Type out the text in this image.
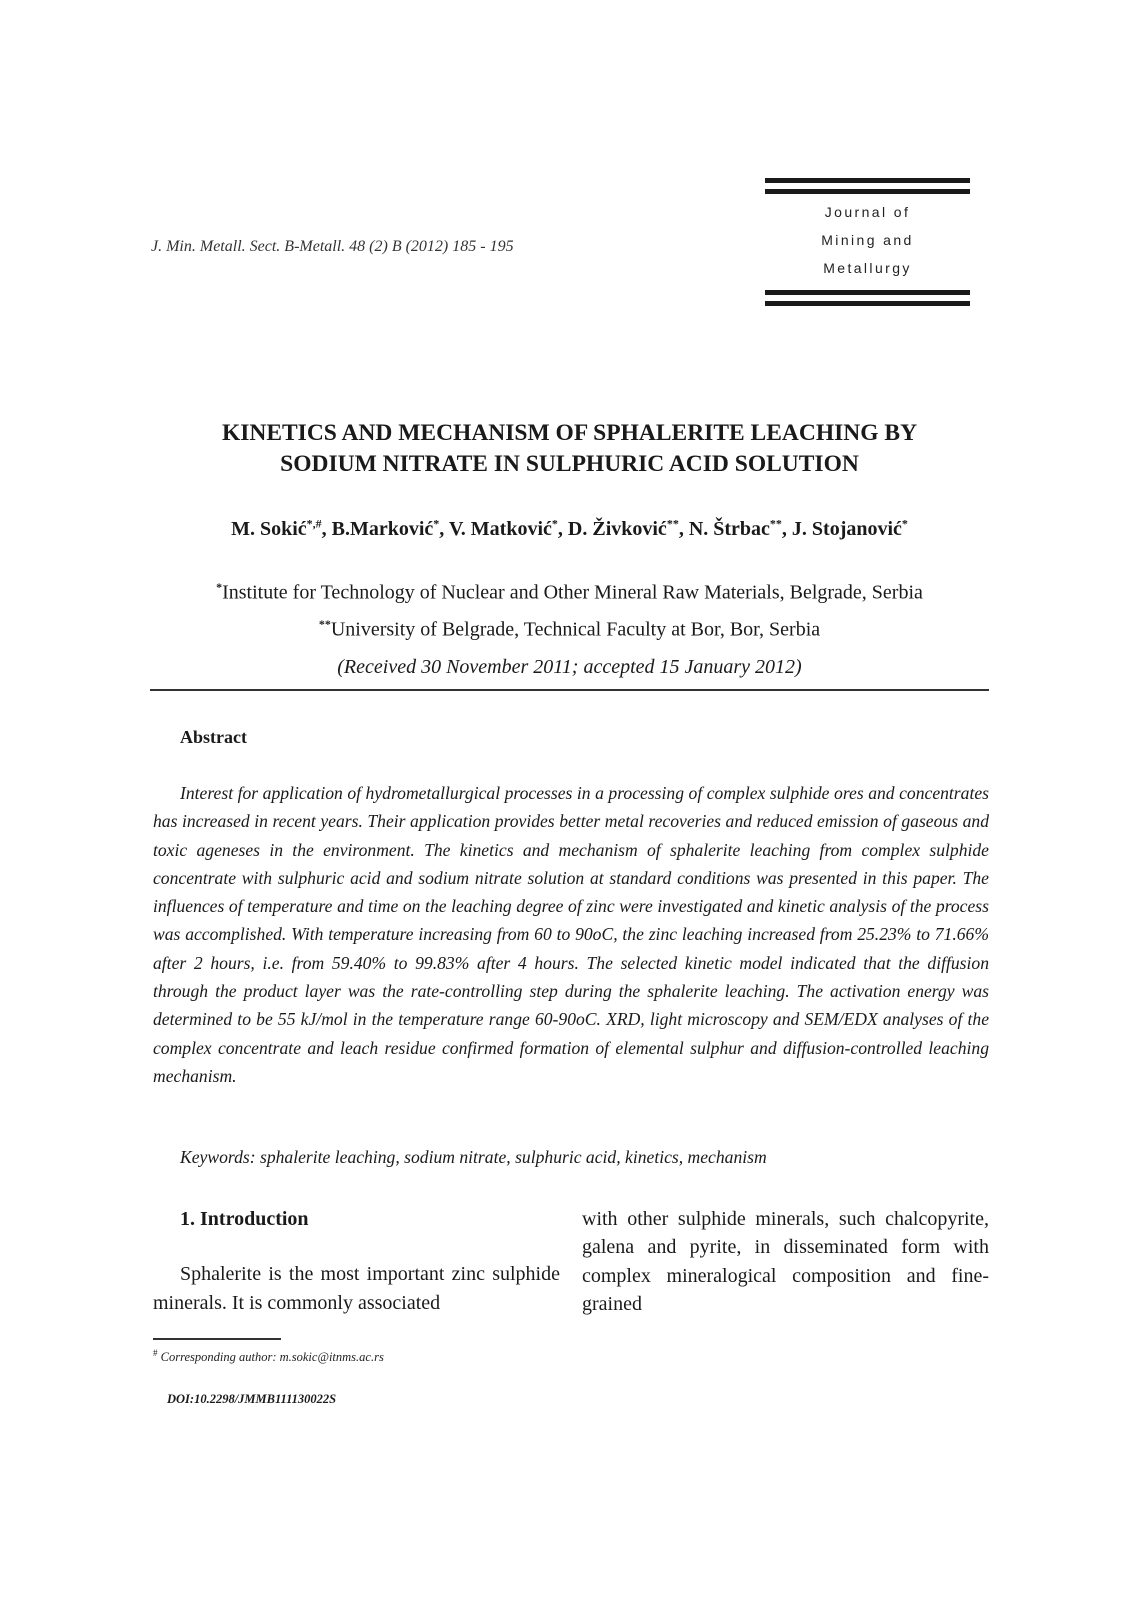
J. Min. Metall. Sect. B-Metall. 48 (2) B (2012) 185 - 195
Journal of
Mining and
Metallurgy
KINETICS AND MECHANISM OF SPHALERITE LEACHING BY
SODIUM NITRATE IN SULPHURIC ACID SOLUTION
M. Sokić*,#, B.Marković*, V. Matković*, D. Živković**, N. Štrbac**, J. Stojanović*
*Institute for Technology of Nuclear and Other Mineral Raw Materials, Belgrade, Serbia
**University of Belgrade, Technical Faculty at Bor, Bor, Serbia
(Received 30 November 2011; accepted 15 January 2012)
Abstract
Interest for application of hydrometallurgical processes in a processing of complex sulphide ores and concentrates has increased in recent years. Their application provides better metal recoveries and reduced emission of gaseous and toxic ageneses in the environment. The kinetics and mechanism of sphalerite leaching from complex sulphide concentrate with sulphuric acid and sodium nitrate solution at standard conditions was presented in this paper. The influences of temperature and time on the leaching degree of zinc were investigated and kinetic analysis of the process was accomplished. With temperature increasing from 60 to 90oC, the zinc leaching increased from 25.23% to 71.66% after 2 hours, i.e. from 59.40% to 99.83% after 4 hours. The selected kinetic model indicated that the diffusion through the product layer was the rate-controlling step during the sphalerite leaching. The activation energy was determined to be 55 kJ/mol in the temperature range 60-90oC. XRD, light microscopy and SEM/EDX analyses of the complex concentrate and leach residue confirmed formation of elemental sulphur and diffusion-controlled leaching mechanism.
Keywords: sphalerite leaching, sodium nitrate, sulphuric acid, kinetics, mechanism
1. Introduction

Sphalerite is the most important zinc sulphide minerals. It is commonly associated

with other sulphide minerals, such chalcopyrite, galena and pyrite, in disseminated form with complex mineralogical composition and fine-grained
# Corresponding author: m.sokic@itnms.ac.rs
DOI:10.2298/JMMB111130022S
